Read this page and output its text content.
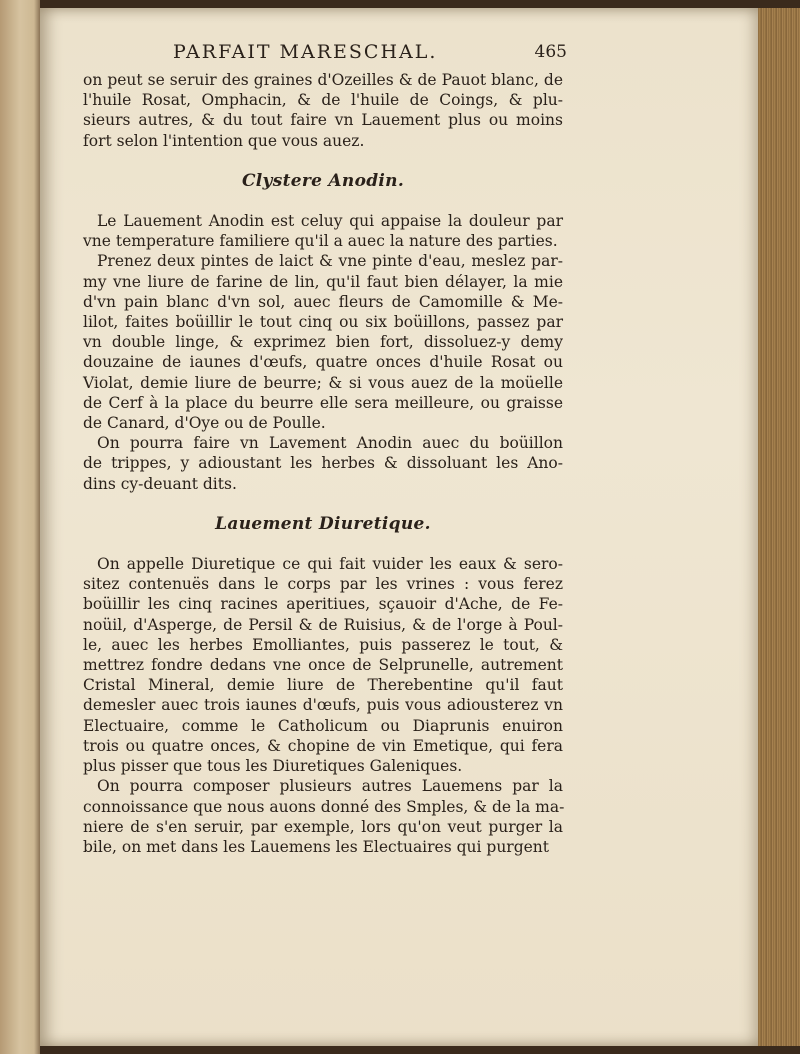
PARFAIT MARESCHAL.	465
on peut se seruir des graines d'Ozeilles & de Pauot blanc, de
l'huile Rosat, Omphacin, & de l'huile de Coings, & plu-
sieurs autres, & du tout faire vn Lauement plus ou moins
fort selon l'intention que vous auez.
Clystere Anodin.
Le Lauement Anodin est celuy qui appaise la douleur par
vne temperature familiere qu'il a auec la nature des parties.
Prenez deux pintes de laict & vne pinte d'eau, meslez par-
my vne liure de farine de lin, qu'il faut bien délayer, la mie
d'vn pain blanc d'vn sol, auec fleurs de Camomille & Me-
lilot, faites boüillir le tout cinq ou six boüillons, passez par
vn double linge, & exprimez bien fort, dissoluez-y demy
douzaine de iaunes d'œufs, quatre onces d'huile Rosat ou
Violat, demie liure de beurre; & si vous auez de la moüelle
de Cerf à la place du beurre elle sera meilleure, ou graisse
de Canard, d'Oye ou de Poulle.
On pourra faire vn Lavement Anodin auec du boüillon
de trippes, y adioustant les herbes & dissoluant les Ano-
dins cy-deuant dits.
Lauement Diuretique.
On appelle Diuretique ce qui fait vuider les eaux & sero-
sitez contenuës dans le corps par les vrines : vous ferez
boüillir les cinq racines aperitiues, sçauoir d'Ache, de Fe-
noüil, d'Asperge, de Persil & de Ruisius, & de l'orge à Poul-
le, auec les herbes Emolliantes, puis passerez le tout, &
mettrez fondre dedans vne once de Selprunelle, autrement
Cristal Mineral, demie liure de Therebentine qu'il faut
demesler auec trois iaunes d'œufs, puis vous adiousterez vn
Electuaire, comme le Catholicum ou Diaprunis enuiron
trois ou quatre onces, & chopine de vin Emetique, qui fera
plus pisser que tous les Diuretiques Galeniques.
On pourra composer plusieurs autres Lauemens par la
connoissance que nous auons donné des Smples, & de la ma-
niere de s'en seruir, par exemple, lors qu'on veut purger la
bile, on met dans les Lauemens les Electuaires qui purgent
